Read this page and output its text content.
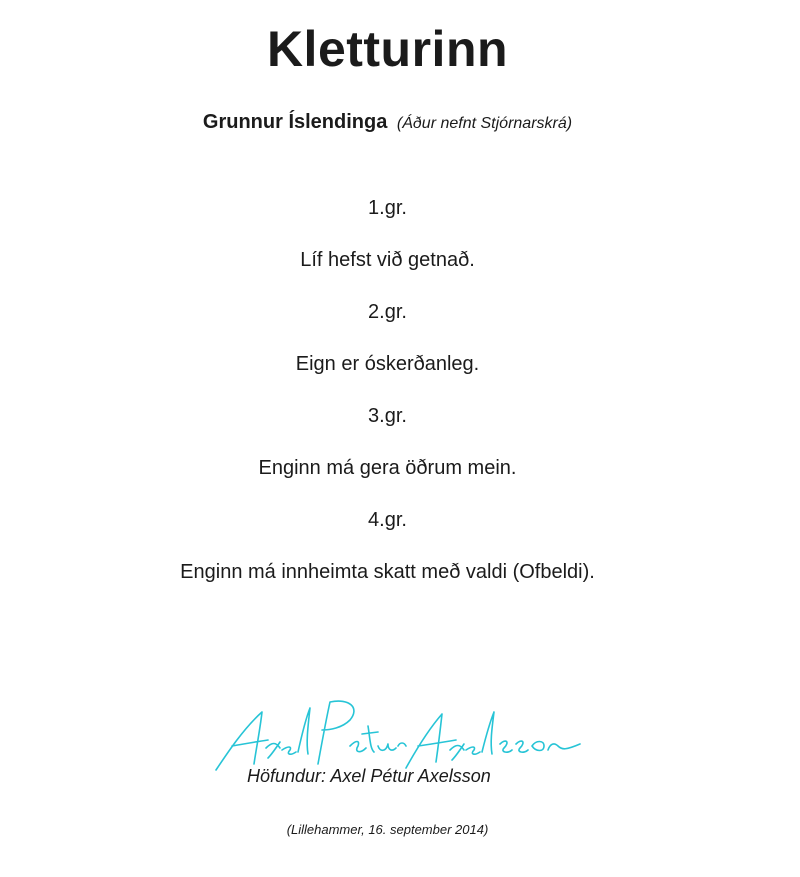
Kletturinn

Grunnur Íslendinga (Áður nefnt Stjórnarskrá)

1.gr.
Líf hefst við getnað.
2.gr.
Eign er óskerðanleg.
3.gr.
Enginn má gera öðrum mein.
4.gr.
Enginn má innheimta skatt með valdi (Ofbeldi).

Höfundur: Axel Pétur Axelsson

(Lillehammer, 16. september 2014)
